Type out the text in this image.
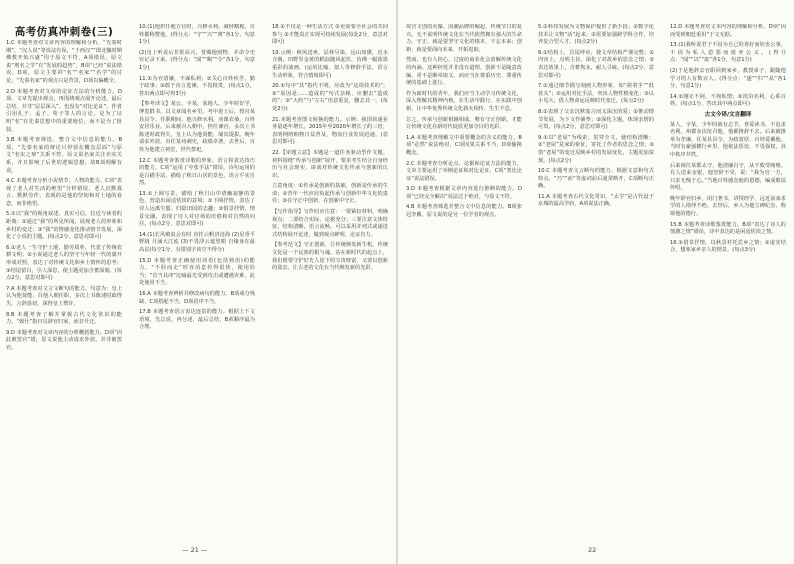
高考仿真冲刺卷(三)

1.C 本题考查对文章内容的理解和分析。“先秦时期”、“汉人说”等说法有误，“于西汉”“即北魏时期佛教开始兴盛”均于原文不符，A项错误。原文说“刑名之学”有“发展的趋势”，B项“已经”说法错误。D项，原文主要讲“名”“名家”“名学”的讨论，“先秦名家”的观点只是背景，D项以偏概全。

2.D 本题考查对文章的论证方法的分析能力。D项，文章先提出观点，再围绕观点展开论述，最后总结，并非“层层深入”，也没有“对比论证”。作者引用孔子、孟子、荀子等人的言论，是为了证明“名”在先秦思想中的重要地位，而不是为了批驳。

3.B 本题考查筛选、整合文中信息的能力。B项，“先秦名家的辩论只停留在概念层面”与原文“名实之辩”关系不符，原文说名家关注名实关系，并且影响了后世的逻辑思想，故B项理解有误。

4.C 本题考查分析小说情节、人物的能力。C项“表现了老人对生活的绝望”分析错误，老人沉默寡言、默默劳作，表现的是他的坚韧和对土地的眷恋，而非绝望。

5.①以“我”的视角叙述，真实可信，拉近与读者的距离；②通过“我”的所见所闻，展现老人的形象和乡村的变迁；③“我”的情感变化推动情节发展，深化了小说的主题。(每点2分，意思对即可)

6.①老人一生守护土地，勤劳质朴，代表了传统农耕文明；②小说通过老人的坚守与年轻一代的离开形成对照，表达了对传统文化和乡土情怀的思考；③结尾留白，引人深思，使主题更加含蓄深刻。(每点2分，意思对即可)

7.A 本题考查对文言文断句的能力。句意为：皇上认为他贤能，召他入朝任职，多次上书陈述时政得失，言辞恳切，深得皇上赞许。

8.B 本题考查了解并掌握古代文化常识的能力。“致仕”指官员辞官归家，而非升迁。

9.D 本题考查对文章内容的分析概括能力。D项“因此被罢官”错，原文说他主动请求外放，并非被罢官。

10.(1)他担任地方官时，兴修水利，减轻赋税，百姓都称赞他。(得分点：“守”“兴”“薄”各1分，句意1分)

(2)皇上听说后非常高兴，赏赐他财物，并命令史官记录下来。(得分点：“闻”“赐”“令”各1分，句意1分)

11.①为官清廉，不谋私利；②关心百姓疾苦，勤于政事；③敢于直言进谏，不畏权贵。(每点1分，答出两点即可得3分)

【参考译文】某公，字某，某地人。少年时好学，博览群书，以文章闻名乡里。考中进士后，授官某县县令。任职期间，他兴修水利，劝课农桑，百姓安居乐业。后来被召入朝中，担任谏官，多次上书陈述时政得失，皇上认为他贤能，屡次提拔。晚年请求外放，出任某州刺史，政绩卓著。去世后，百姓为他建立祠堂，世代祭祀。

12.C 本题考查鉴赏诗歌的形象、语言和表达技巧的能力。C项“运用了夸张手法”错误，诗句运用的是白描手法，描绘了秋日山居的景色，语言平实自然。

13.①上阕写景，描绘了秋日山中清幽寂静的景色，营造出闲适恬淡的意境；②下阕抒情，表达了诗人远离尘嚣、归隐田园的志趣；③借景抒情，情景交融，表现了诗人对官场的厌倦和对自然的向往。(每点2分，意思对即可)

14.(1)长风破浪会有时 直挂云帆济沧海 (2)星垂平野阔 月涌大江流 (3)不畏浮云遮望眼 自缘身在最高层(每空1分，有错别字该空不得分)

15.D 本题考查正确使用词语(包括熟语)的能力。“不胫而走”形容消息传得很快，使用恰当；“首当其冲”比喻最先受到攻击或遭遇灾难，此处使用不当。

16.A 本题考查辨析并修改病句的能力。B项成分残缺，C项搭配不当，D项语序不当。

17.B 本题考查语言表达连贯的能力。根据上下文语境，先总说，再分述，最后总结，B项顺序最为合理。

18.①不仅是一种生活方式 ②更需要全社会的共同参与 ③才能真正实现可持续发展(每处2分，意思对即可)

19.示例：秋风送爽，层林尽染，远山如黛，近水含烟，田野里金黄的稻浪随风起伏，仿佛一幅浓墨重彩的油画。(运用比喻、拟人等修辞手法，语言生动形象，符合情境即可)

20.①句中“其”指代不明，应改为“这项技术的”；②“原因是……造成的”句式杂糅，应删去“造成的”；③“大约”与“左右”语意重复，删去其一。(每处2分)

21.本题考查图文转换的能力。示例：我国快递业务量逐年增长，2015年至2020年增长了约三倍，表明网络购物日益普及，物流行业发展迅速。(意思对即可)

22.【审题立意】本题是一道任务驱动型作文题。材料围绕“传承与创新”展开，要求考生结合自身经历与社会现实，谈谈对传统文化传承与创新的认识。

立意角度：①传承是创新的基础，创新是传承的生命；②青年一代应肩负起传承与创新中华文化的责任；③在守正中创新，在创新中守正。

【写作指导】写作时应注意：一要紧扣材料，明确观点；二要结合实际，论据充分；三要注意文体特征，结构清晰，语言流畅。可以采用并列式或递进式结构展开论述，做到观点鲜明、论证有力。

【参考范文】守正创新，让传统焕发新生机。传统文化是一个民族的根与魂。站在新时代的起点上，我们既要守护好先人留下的宝贵财富，又要以创新的姿态，让古老的文化在当代焕发新的光彩。

— 21 —

故宫文创的火爆、国潮品牌的崛起、传统节日的复兴，无不说明传统文化在当代依然拥有强大的生命力。守正，就是要坚守文化的根本，不忘本来；创新，就是要面向未来，开拓进取。

然而，也有人担心，过度的商业化会消解传统文化的内涵。这种担忧并非没有道理。创新不是随意改编，更不是断章取义，而应当在尊重历史、尊重传统的基础上进行。

作为新时代的青年，我们应当主动学习传统文化，深入理解其精神内核，在生活中践行、在实践中创新，让中华优秀传统文化薪火相传、生生不息。

总之，传承与创新相辅相成。唯有守正创新，才能让传统文化在新时代绽放更加夺目的光彩。

1.A 本题考查理解文中重要概念的含义的能力。B项“必然”说法绝对，C项因果关系不当，D项偷换概念。

2.C 本题考查分析论点、论据和论证方法的能力。文章主要运用了举例论证和对比论证，C项“类比论证”说法错误。

3.D 本题考查根据文章内容进行推断的能力。D项“已经完全解决”说法过于绝对，与原文不符。

4.B 本题考查筛选并整合文中信息的能力。B项张冠李戴，原文说的是另一位学者的观点。

5.①科技发展为文物保护提供了新手段；②数字化技术让文物“活”起来；③需要加强跨学科合作，培养复合型人才。(每点2分)

6.①结构上，首尾呼应，使文章结构严谨完整；②内容上，点明主旨，深化了对故乡的思念之情；③表达效果上，含蓄隽永，耐人寻味。(每点2分，意思对即可)

7.①通过细节描写刻画人物形象，如“搓着手”“低着头”；②运用对比手法，突出人物性格变化；③以小见大，借人物命运反映时代变迁。(每点2分)

8.①表现了父亲沉默寡言而又深沉的爱；②推动情节发展，为下文作铺垫；③深化主题，体现亲情的可贵。(每点2分，意思对即可)

9.①以“老屋”为线索，贯穿全文，使结构清晰；②“老屋”是家的象征，寄托了作者的思念之情；③借“老屋”的变迁反映乡村的发展变化，主题更加深刻。(每点2分)

10.C 本题考查文言断句的能力。根据文意和句式特点，“乃”“而”等虚词前后通常断开，C项断句正确。

11.A 本题考查古代文化常识。“太学”是古代设于京城的最高学府，A项说法正确。

12.D 本题考查对文本内容的理解和分析。D项“因而受到朝廷重用”于文无据。

13.(1)我听说君子不因为自己的喜好而妨害公事，不因为私人恩怨而废弃公义。(得分点：“闻”“以”“废”各1分，句意1分)

(2)于是他辞去官职回到家乡，教授弟子，跟随他学习的人有数百人。(得分点：“遂”“归”“从”各1分，句意1分)

14.①刚正不阿，不徇私情；②淡泊名利，心系百姓。(每点1分，答出其中两点即可)

古文今译/文言翻译

某人，字某，少年时就有志节，喜爱读书，不追求名利。州郡多次征召他，他都推辞不去。后来被推举为孝廉，任某县县令，为政宽厚，百姓爱戴他。当时有豪强横行乡里，他依法惩处，不畏强权，县中秩序井然。

后来调任某郡太守，他清廉自守，从不收受贿赂。有人送来金银，他坚辞不受，说：“我为官一方，只求无愧于心。”当地百姓感念他的恩德，编成歌谣传唱。

晚年辞官归乡，闭门著书，讲授经学，远近前来求学的人络绎不绝。去世后，乡人为他立碑纪念，称颂他的德行。

15.B 本题考查诗歌鉴赏能力。B项“表达了诗人的愤懑之情”错误，诗中表达的是闲适恬淡之情。

16.①借景抒情，以秋景衬托思乡之情；②虚实结合，想象家乡亲人的情景。(每点3分)

22
